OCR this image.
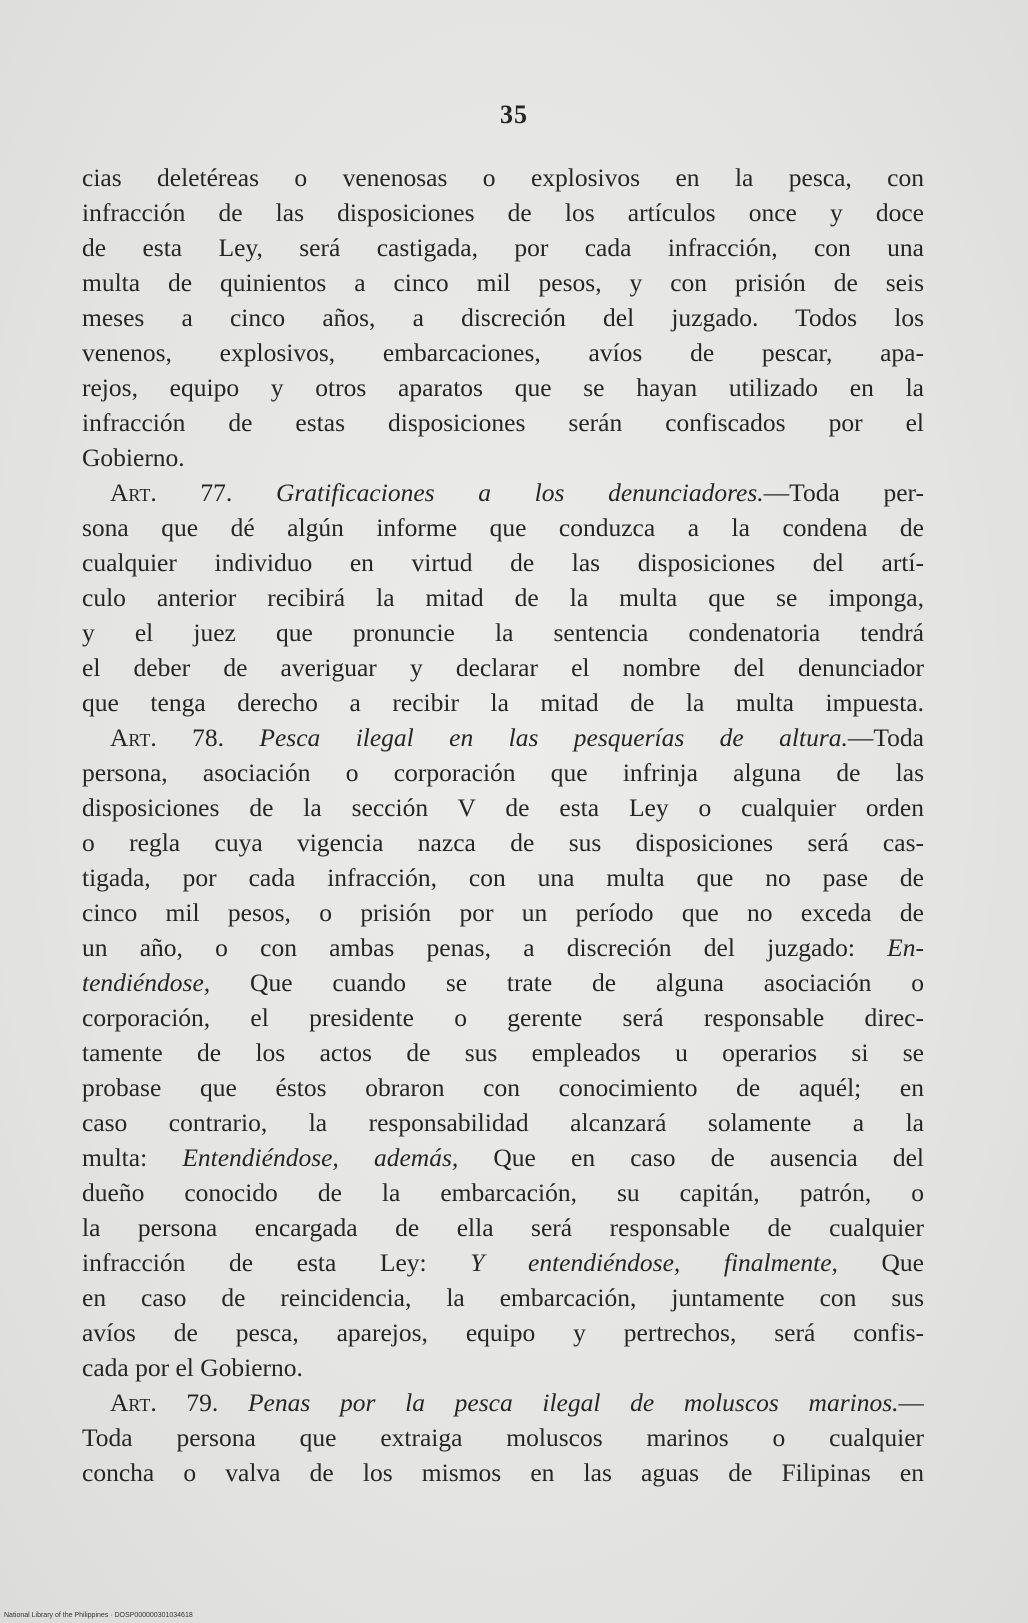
35
cias deletéreas o venenosas o explosivos en la pesca, con
infracción de las disposiciones de los artículos once y doce
de esta Ley, será castigada, por cada infracción, con una
multa de quinientos a cinco mil pesos, y con prisión de seis
meses a cinco años, a discreción del juzgado. Todos los
venenos, explosivos, embarcaciones, avíos de pescar, apa-
rejos, equipo y otros aparatos que se hayan utilizado en la
infracción de estas disposiciones serán confiscados por el
Gobierno.
Art. 77. Gratificaciones a los denunciadores.—Toda per-
sona que dé algún informe que conduzca a la condena de
cualquier individuo en virtud de las disposiciones del artí-
culo anterior recibirá la mitad de la multa que se imponga,
y el juez que pronuncie la sentencia condenatoria tendrá
el deber de averiguar y declarar el nombre del denunciador
que tenga derecho a recibir la mitad de la multa impuesta.
Art. 78. Pesca ilegal en las pesquerías de altura.—Toda
persona, asociación o corporación que infrinja alguna de las
disposiciones de la sección V de esta Ley o cualquier orden
o regla cuya vigencia nazca de sus disposiciones será cas-
tigada, por cada infracción, con una multa que no pase de
cinco mil pesos, o prisión por un período que no exceda de
un año, o con ambas penas, a discreción del juzgado: En-
tendiéndose, Que cuando se trate de alguna asociación o
corporación, el presidente o gerente será responsable direc-
tamente de los actos de sus empleados u operarios si se
probase que éstos obraron con conocimiento de aquél; en
caso contrario, la responsabilidad alcanzará solamente a la
multa: Entendiéndose, además, Que en caso de ausencia del
dueño conocido de la embarcación, su capitán, patrón, o
la persona encargada de ella será responsable de cualquier
infracción de esta Ley: Y entendiéndose, finalmente, Que
en caso de reincidencia, la embarcación, juntamente con sus
avíos de pesca, aparejos, equipo y pertrechos, será confis-
cada por el Gobierno.
Art. 79. Penas por la pesca ilegal de moluscos marinos.—
Toda persona que extraiga moluscos marinos o cualquier
concha o valva de los mismos en las aguas de Filipinas en
National Library of the Philippines · DOSP000000301034618
